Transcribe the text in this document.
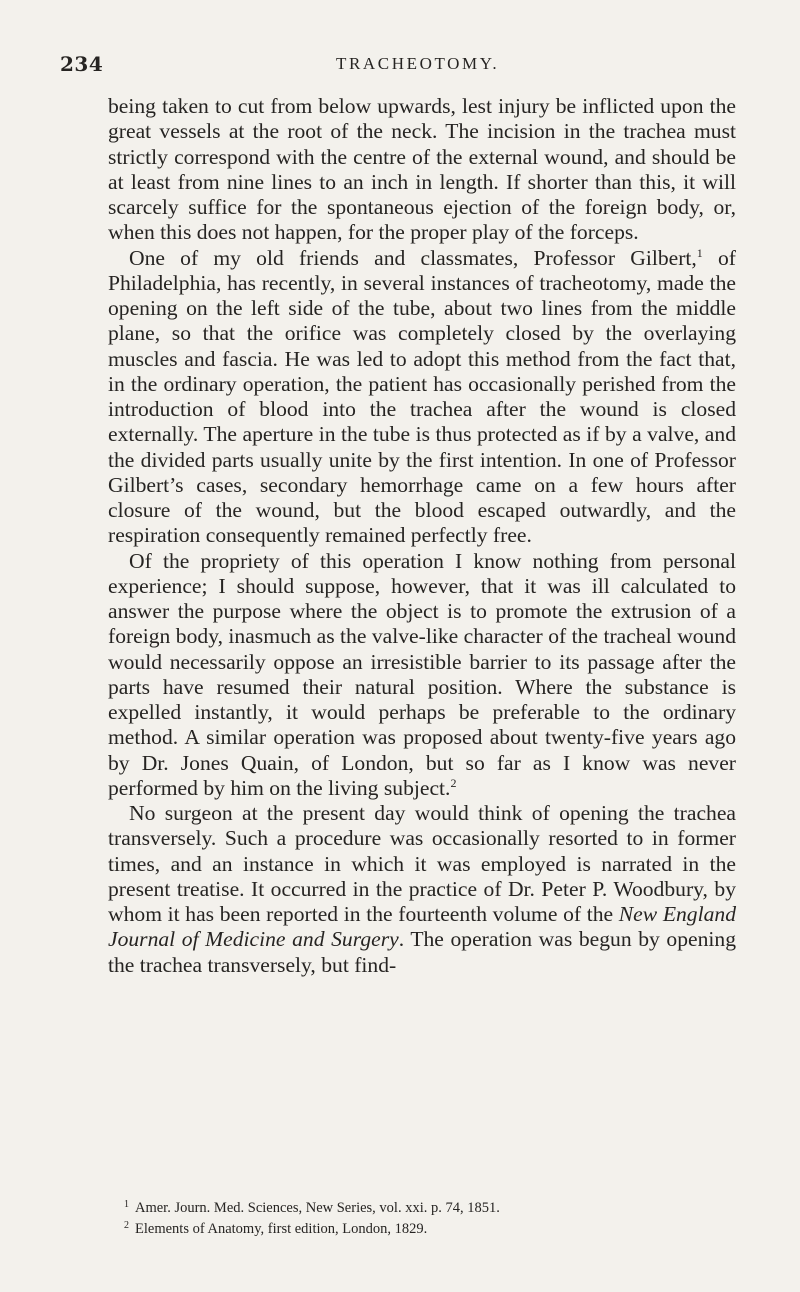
234	TRACHEOTOMY.

being taken to cut from below upwards, lest injury be inflicted upon the great vessels at the root of the neck. The incision in the trachea must strictly correspond with the centre of the external wound, and should be at least from nine lines to an inch in length. If shorter than this, it will scarcely suffice for the spontaneous ejection of the foreign body, or, when this does not happen, for the proper play of the forceps.

One of my old friends and classmates, Professor Gilbert,$^1$ of Philadelphia, has recently, in several instances of tracheotomy, made the opening on the left side of the tube, about two lines from the middle plane, so that the orifice was completely closed by the overlaying muscles and fascia. He was led to adopt this method from the fact that, in the ordinary operation, the patient has occasionally perished from the introduction of blood into the trachea after the wound is closed externally. The aperture in the tube is thus protected as if by a valve, and the divided parts usually unite by the first intention. In one of Professor Gilbert’s cases, secondary hemorrhage came on a few hours after closure of the wound, but the blood escaped outwardly, and the respiration consequently remained perfectly free.

Of the propriety of this operation I know nothing from personal experience; I should suppose, however, that it was ill calculated to answer the purpose where the object is to promote the extrusion of a foreign body, inasmuch as the valve-like character of the tracheal wound would necessarily oppose an irresistible barrier to its passage after the parts have resumed their natural position. Where the substance is expelled instantly, it would perhaps be preferable to the ordinary method. A similar operation was proposed about twenty-five years ago by Dr. Jones Quain, of London, but so far as I know was never performed by him on the living subject.$^2$

No surgeon at the present day would think of opening the trachea transversely. Such a procedure was occasionally resorted to in former times, and an instance in which it was employed is narrated in the present treatise. It occurred in the practice of Dr. Peter P. Woodbury, by whom it has been reported in the fourteenth volume of the New England Journal of Medicine and Surgery. The operation was begun by opening the trachea transversely, but find-

$^1$ Amer. Journ. Med. Sciences, New Series, vol. xxi. p. 74, 1851.
$^2$ Elements of Anatomy, first edition, London, 1829.
